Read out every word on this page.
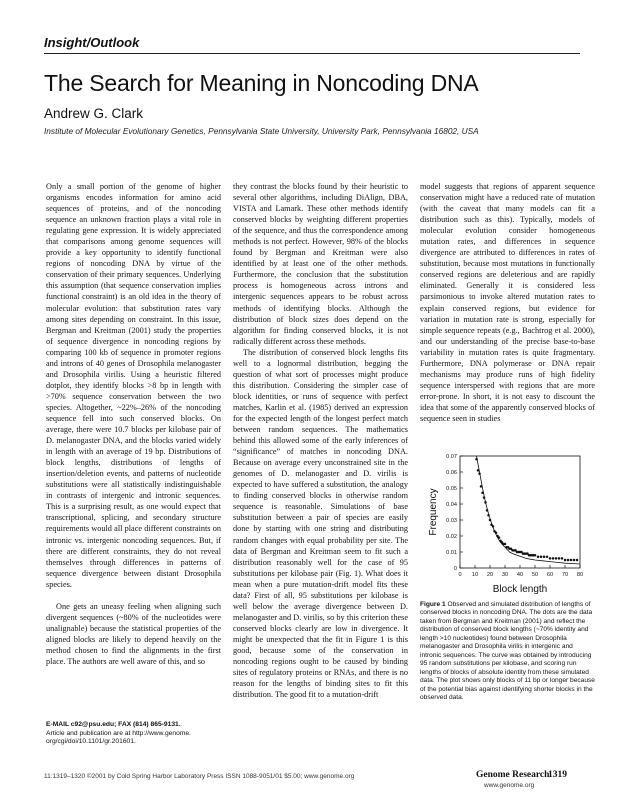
Insight/Outlook
The Search for Meaning in Noncoding DNA
Andrew G. Clark
Institute of Molecular Evolutionary Genetics, Pennsylvania State University, University Park, Pennsylvania 16802, USA

Only a small portion of the genome of higher organisms encodes information for amino acid sequences of proteins, and of the noncoding sequence an unknown fraction plays a vital role in regulating gene expression. It is widely appreciated that comparisons among genome sequences will provide a key opportunity to identify functional regions of noncoding DNA by virtue of the conservation of their primary sequences. Underlying this assumption (that sequence conservation implies functional constraint) is an old idea in the theory of molecular evolution: that substitution rates vary among sites depending on constraint. In this issue, Bergman and Kreitman (2001) study the properties of sequence divergence in noncoding regions by comparing 100 kb of sequence in promoter regions and introns of 40 genes of Drosophila melanogaster and Drosophila virilis. Using a heuristic filtered dotplot, they identify blocks >8 bp in length with >70% sequence conservation between the two species. Altogether, ~22%–26% of the noncoding sequence fell into such conserved blocks. On average, there were 10.7 blocks per kilobase pair of D. melanogaster DNA, and the blocks varied widely in length with an average of 19 bp. Distributions of block lengths, distributions of lengths of insertion/deletion events, and patterns of nucleotide substitutions were all statistically indistinguishable in contrasts of intergenic and intronic sequences. This is a surprising result, as one would expect that transcriptional, splicing, and secondary structure requirements would all place different constraints on intronic vs. intergenic noncoding sequences. But, if there are different constraints, they do not reveal themselves through differences in patterns of sequence divergence between distant Drosophila species.

One gets an uneasy feeling when aligning such divergent sequences (~80% of the nucleotides were unalignable) because the statistical properties of the aligned blocks are likely to depend heavily on the method chosen to find the alignments in the first place. The authors are well aware of this, and so

they contrast the blocks found by their heuristic to several other algorithms, including DiAlign, DBA, VISTA and Lamark. These other methods identify conserved blocks by weighting different properties of the sequence, and thus the correspondence among methods is not perfect. However, 98% of the blocks found by Bergman and Kreitman were also identified by at least one of the other methods. Furthermore, the conclusion that the substitution process is homogeneous across introns and intergenic sequences appears to be robust across methods of identifying blocks. Although the distribution of block sizes does depend on the algorithm for finding conserved blocks, it is not radically different across these methods.

The distribution of conserved block lengths fits well to a lognormal distribution, begging the question of what sort of processes might produce this distribution. Considering the simpler case of block identities, or runs of sequence with perfect matches, Karlin et al. (1985) derived an expression for the expected length of the longest perfect match between random sequences. The mathematics behind this allowed some of the early inferences of “significance” of matches in noncoding DNA. Because on average every unconstrained site in the genomes of D. melanogaster and D. virilis is expected to have suffered a substitution, the analogy to finding conserved blocks in otherwise random sequence is reasonable. Simulations of base substitution between a pair of species are easily done by starting with one string and distributing random changes with equal probability per site. The data of Bergman and Kreitman seem to fit such a distribution reasonably well for the case of 95 substitutions per kilobase pair (Fig. 1). What does it mean when a pure mutation-drift model fits these data? First of all, 95 substitutions per kilobase is well below the average divergence between D. melanogaster and D. virilis, so by this criterion these conserved blocks clearly are low in divergence. It might be unexpected that the fit in Figure 1 is this good, because some of the conservation in noncoding regions ought to be caused by binding sites of regulatory proteins or RNAs, and there is no reason for the lengths of binding sites to fit this distribution. The good fit to a mutation-drift

model suggests that regions of apparent sequence conservation might have a reduced rate of mutation (with the caveat that many models can fit a distribution such as this). Typically, models of molecular evolution consider homogeneous mutation rates, and differences in sequence divergence are attributed to differences in rates of substitution, because most mutations in functionally conserved regions are deleterious and are rapidly eliminated. Generally it is considered less parsimonious to invoke altered mutation rates to explain conserved regions, but evidence for variation in mutation rate is strong, especially for simple sequence repeats (e.g., Bachtrog et al. 2000), and our understanding of the precise base-to-base variability in mutation rates is quite fragmentary. Furthermore, DNA polymerase or DNA repair mechanisms may produce runs of high fidelity sequence interspersed with regions that are more error-prone. In short, it is not easy to discount the idea that some of the apparently conserved blocks of sequence seen in studies

E-MAIL c92@psu.edu; FAX (814) 865-9131.
Article and publication are at http://www.genome.
org/cgi/doi/10.1101/gr.201601.
0 10 20 30 40 50 60 70 80
0
0.01
0.02
0.03
0.04
0.05
0.06
0.07
Block length
Frequency
Figure 1 Observed and simulated distribution of lengths of conserved blocks in noncoding DNA. The dots are the data taken from Bergman and Kreitman (2001) and reflect the distribution of conserved block lengths (~70% identity and length >10 nucleotides) found between Drosophila melanogaster and Drosophila virilis in intergenic and intronic sequences. The curve was obtained by introducing 95 random substitutions per kilobase, and scoring run lengths of blocks of absolute identity from these simulated data. The plot shows only blocks of 11 bp or longer because of the potential bias against identifying shorter blocks in the observed data.
11:1319–1320 ©2001 by Cold Spring Harbor Laboratory Press ISSN 1088-9051/01 $5.00; www.genome.org	Genome Research
1319
www.genome.org
